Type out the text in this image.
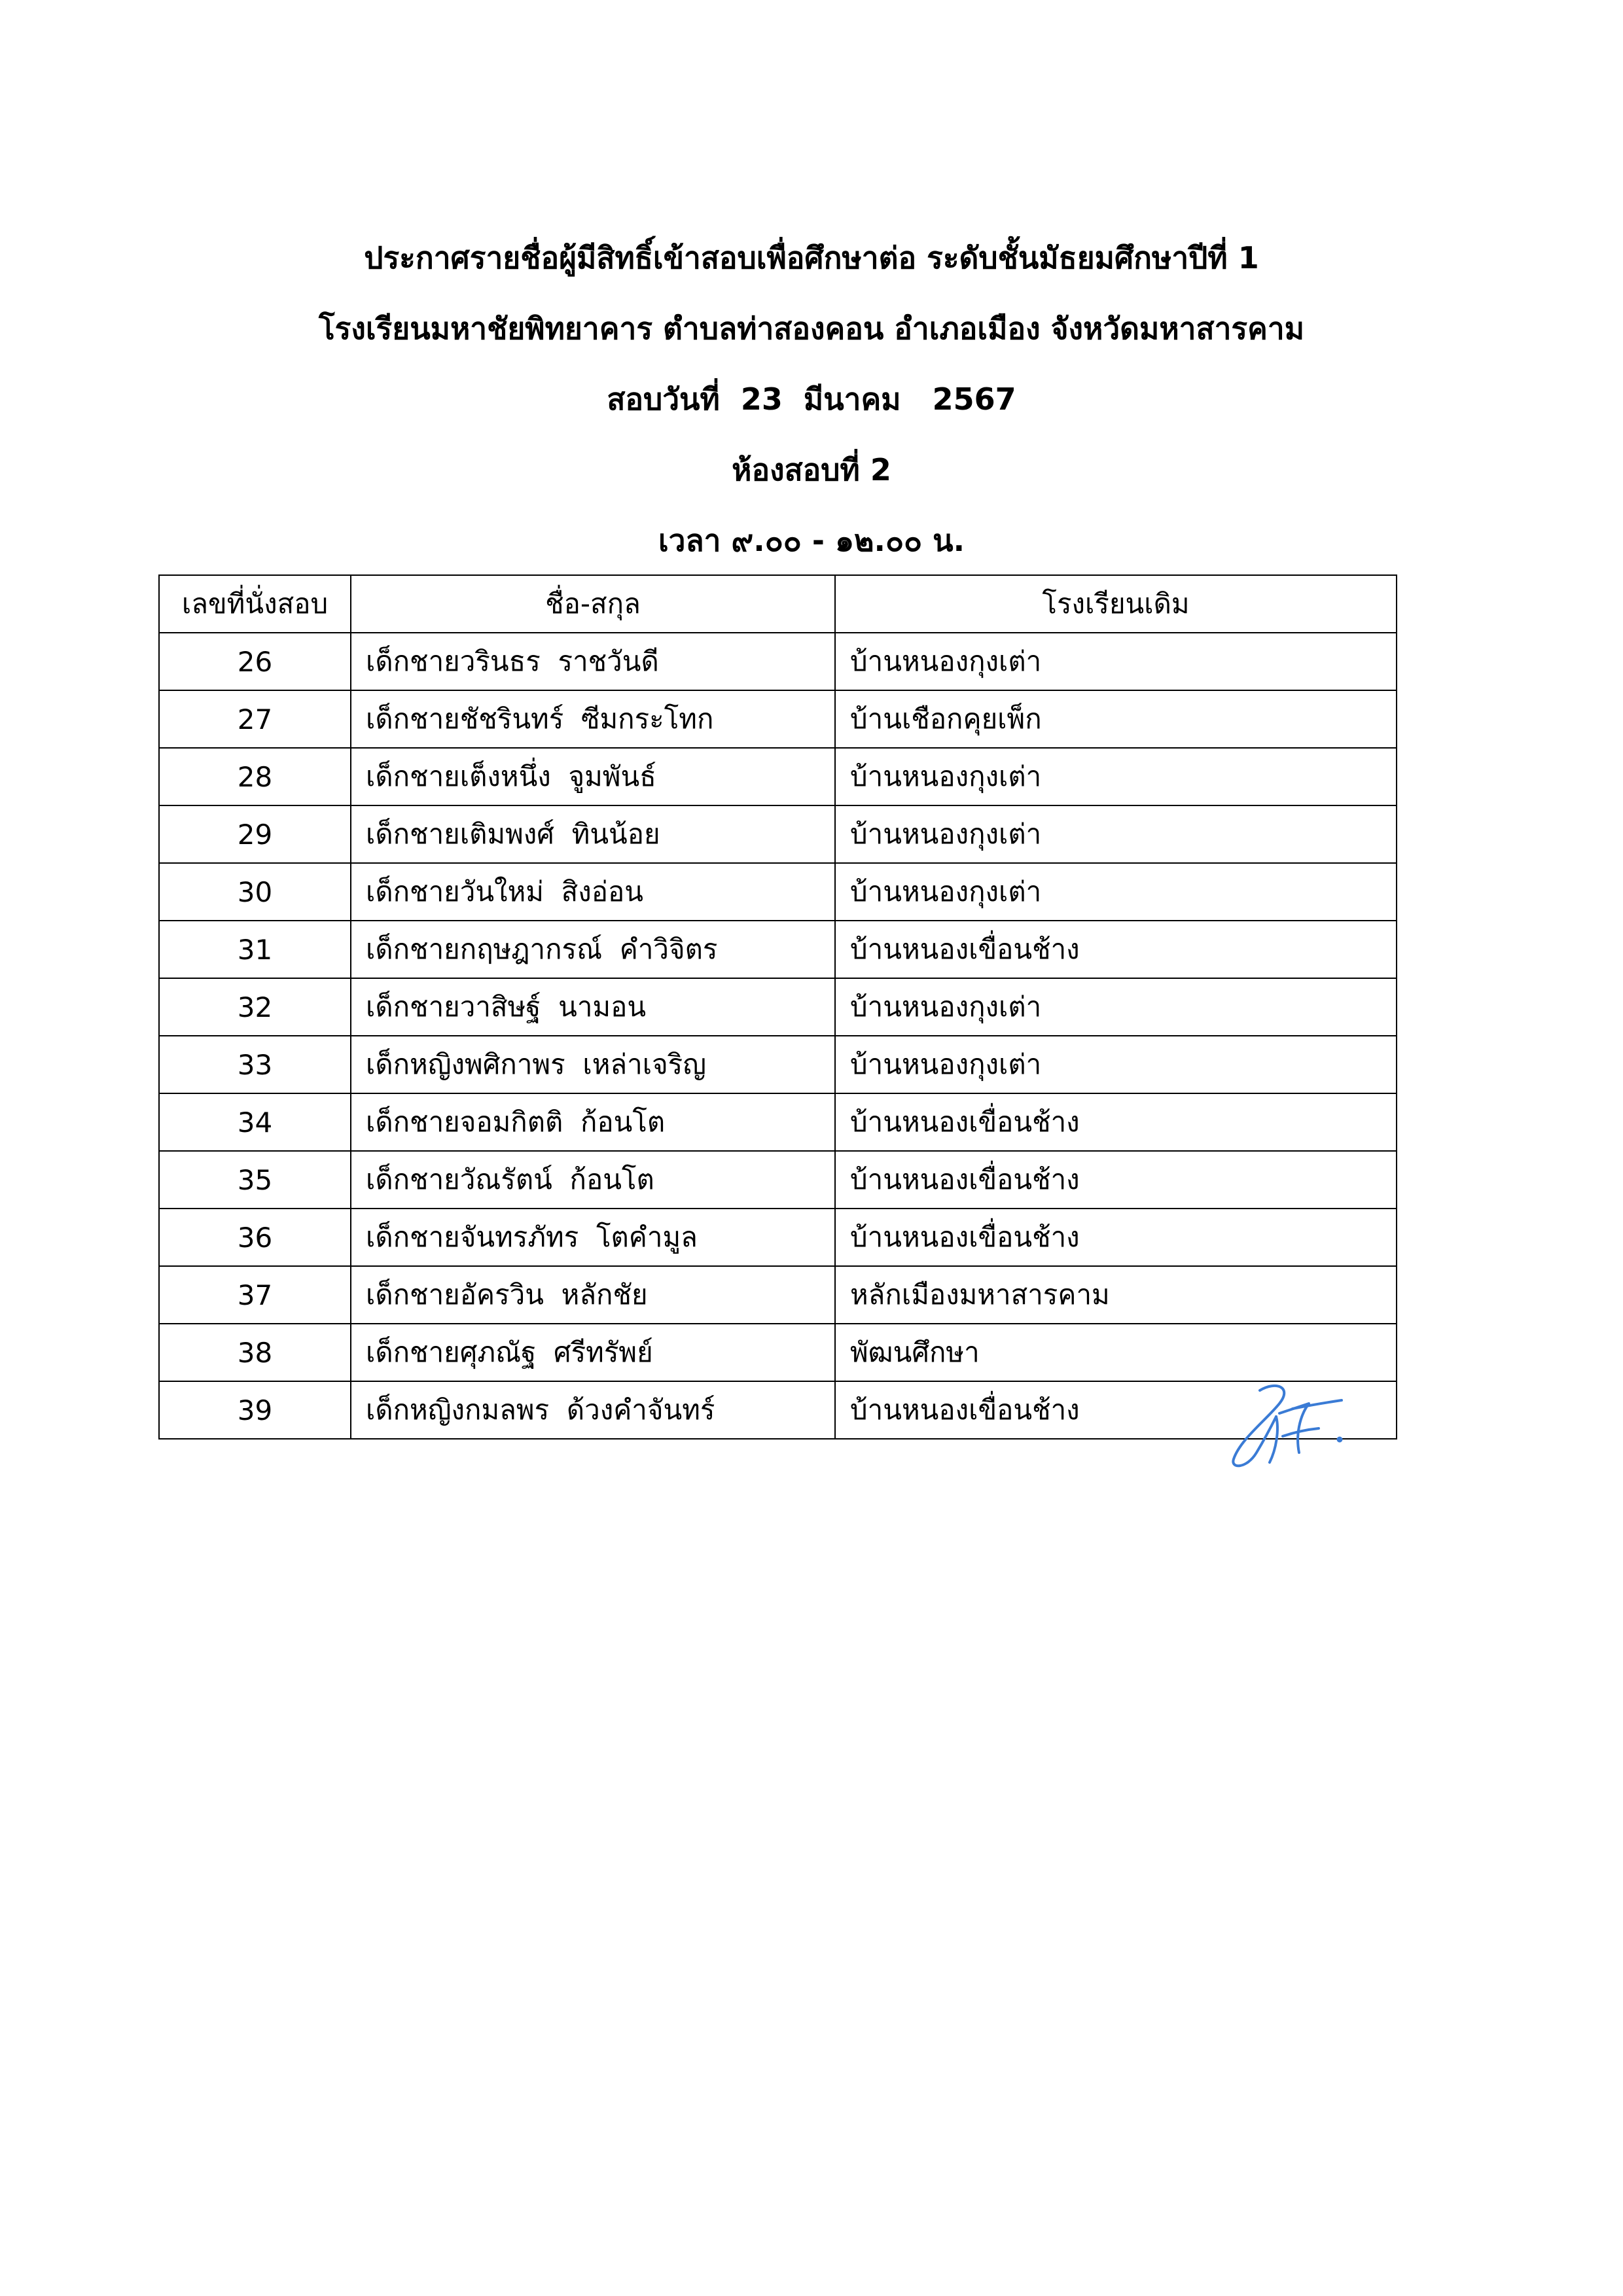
ประกาศรายชื่อผู้มีสิทธิ์เข้าสอบเพื่อศึกษาต่อ ระดับชั้นมัธยมศึกษาปีที่ 1
โรงเรียนมหาชัยพิทยาคาร ตำบลท่าสองคอน อำเภอเมือง จังหวัดมหาสารคาม
สอบวันที่  23  มีนาคม   2567
ห้องสอบที่ 2
เวลา ๙.๐๐ - ๑๒.๐๐ น.
เลขที่นั่งสอบ	ชื่อ-สกุล	โรงเรียนเดิม
26	เด็กชายวรินธร  ราชวันดี	บ้านหนองกุงเต่า
27	เด็กชายชัชรินทร์  ซีมกระโทก	บ้านเชือกคุยเพ็ก
28	เด็กชายเต็งหนึ่ง  จูมพันธ์	บ้านหนองกุงเต่า
29	เด็กชายเติมพงศ์  ทินน้อย	บ้านหนองกุงเต่า
30	เด็กชายวันใหม่  สิงอ่อน	บ้านหนองกุงเต่า
31	เด็กชายกฤษฎากรณ์  คำวิจิตร	บ้านหนองเขื่อนช้าง
32	เด็กชายวาสิษฐ์  นามอน	บ้านหนองกุงเต่า
33	เด็กหญิงพศิกาพร  เหล่าเจริญ	บ้านหนองกุงเต่า
34	เด็กชายจอมกิตติ  ก้อนโต	บ้านหนองเขื่อนช้าง
35	เด็กชายวัณรัตน์  ก้อนโต	บ้านหนองเขื่อนช้าง
36	เด็กชายจันทรภัทร  โตคำมูล	บ้านหนองเขื่อนช้าง
37	เด็กชายอัครวิน  หลักชัย	หลักเมืองมหาสารคาม
38	เด็กชายศุภณัฐ  ศรีทรัพย์	พัฒนศึกษา
39	เด็กหญิงกมลพร  ด้วงคำจันทร์	บ้านหนองเขื่อนช้าง
